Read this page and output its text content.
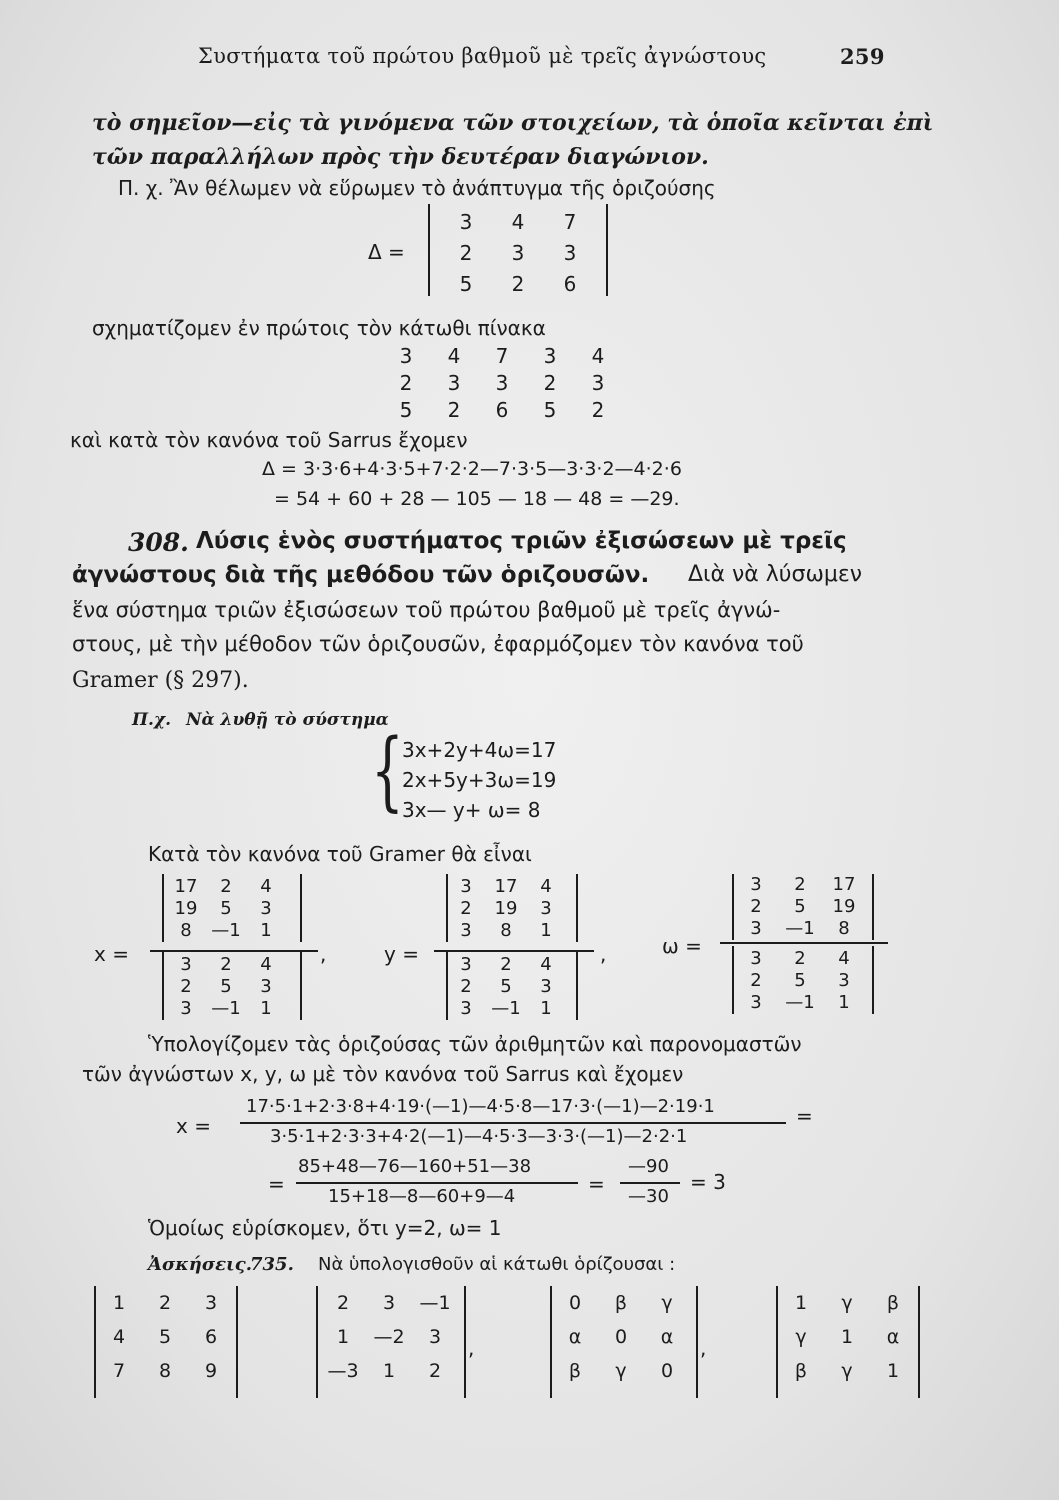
Συστήματα τοῦ πρώτου βαθμοῦ μὲ τρεῖς ἀγνώστους	259
τὸ σημεῖον—εἰς τὰ γινόμενα τῶν στοιχείων, τὰ ὁποῖα κεῖνται ἐπὶ
τῶν παραλλήλων πρὸς τὴν δευτέραν διαγώνιον.
Π. χ. Ἂν θέλωμεν νὰ εὕρωμεν τὸ ἀνάπτυγμα τῆς ὁριζούσης
Δ =
3	4	7
2	3	3
5	2	6
σχηματίζομεν ἐν πρώτοις τὸν κάτωθι πίνακα
3	4	7	3	4
2	3	3	2	3
5	2	6	5	2
καὶ κατὰ τὸν κανόνα τοῦ Sarrus ἔχομεν
Δ = 3·3·6+4·3·5+7·2·2—7·3·5—3·3·2—4·2·6
= 54 + 60 + 28 — 105 — 18 — 48 = —29.
308. Λύσις ἑνὸς συστήματος τριῶν ἐξισώσεων μὲ τρεῖς
ἀγνώστους διὰ τῆς μεθόδου τῶν ὁριζουσῶν. Διὰ νὰ λύσωμεν
ἕνα σύστημα τριῶν ἐξισώσεων τοῦ πρώτου βαθμοῦ μὲ τρεῖς ἀγνώ-
στους, μὲ τὴν μέθοδον τῶν ὁριζουσῶν, ἐφαρμόζομεν τὸν κανόνα τοῦ
Gramer (§ 297).
Π.χ. Νὰ λυθῇ τὸ σύστημα
{
3x+2y+4ω=17
2x+5y+3ω=19
3x— y+ ω= 8
Κατὰ τὸν κανόνα τοῦ Gramer θὰ εἶναι
x =
17	2	4
19	5	3
8	—1	1
3	2	4
2	5	3
3	—1	1
,	y =
3	17	4
2	19	3
3	8	1
3	2	4
2	5	3
3	—1	1
,	ω =
3	2	17
2	5	19
3	—1	8
3	2	4
2	5	3
3	—1	1
Ὑπολογίζομεν τὰς ὁριζούσας τῶν ἀριθμητῶν καὶ παρονομαστῶν
τῶν ἀγνώστων x, y, ω μὲ τὸν κανόνα τοῦ Sarrus καὶ ἔχομεν
x =
17·5·1+2·3·8+4·19·(—1)—4·5·8—17·3·(—1)—2·19·1
3·5·1+2·3·3+4·2(—1)—4·5·3—3·3·(—1)—2·2·1
=
=
85+48—76—160+51—38
15+18—8—60+9—4
=
—90
—30
= 3
Ὁμοίως εὑρίσκομεν, ὅτι y=2, ω= 1
Ἀσκήσεις.
735. Νὰ ὑπολογισθοῦν αἱ κάτωθι ὁρίζουσαι :
1	2	3
4	5	6
7	8	9
2	3	—1
1	—2	3
—3	1	2
,
0	β	γ
α	0	α
β	γ	0
,
1	γ	β
γ	1	α
β	γ	1
